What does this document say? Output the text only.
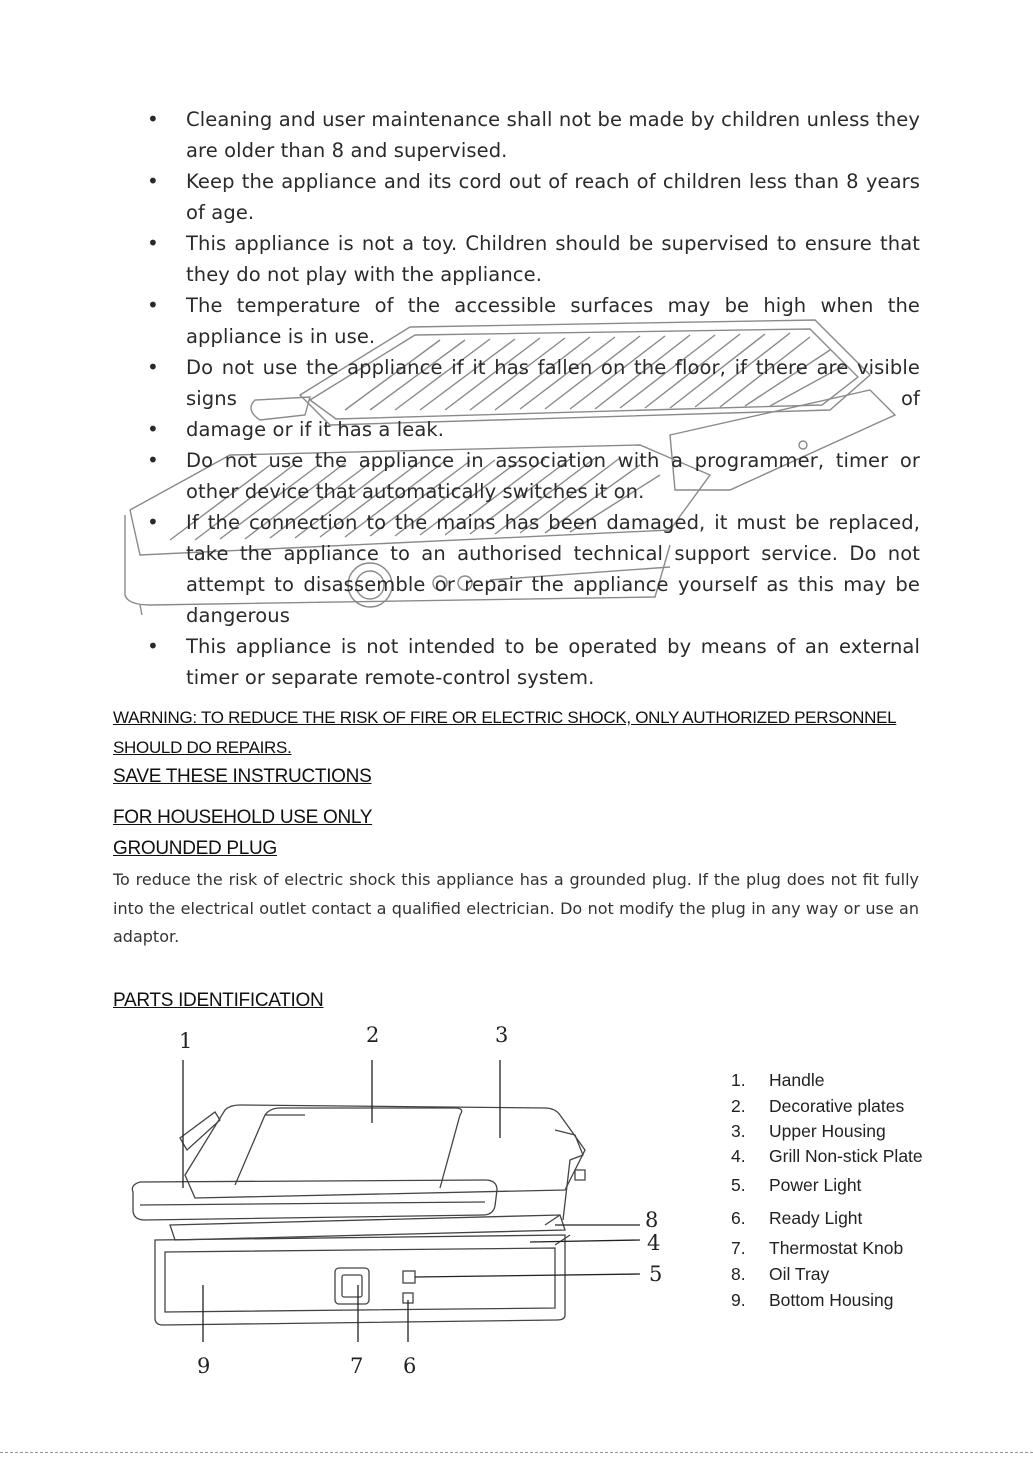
• Cleaning and user maintenance shall not be made by children unless they are older than 8 and supervised.
• Keep the appliance and its cord out of reach of children less than 8 years of age.
• This appliance is not a toy. Children should be supervised to ensure that they do not play with the appliance.
• The temperature of the accessible surfaces may be high when the appliance is in use.
• Do not use the appliance if it has fallen on the floor, if there are visible signs of
• damage or if it has a leak.
• Do not use the appliance in association with a programmer, timer or other device that automatically switches it on.
• If the connection to the mains has been damaged, it must be replaced, take the appliance to an authorised technical support service. Do not attempt to disassemble or repair the appliance yourself as this may be dangerous
• This appliance is not intended to be operated by means of an external timer or separate remote-control system.
WARNING: TO REDUCE THE RISK OF FIRE OR ELECTRIC SHOCK, ONLY AUTHORIZED PERSONNEL SHOULD DO REPAIRS.
SAVE THESE INSTRUCTIONS
FOR HOUSEHOLD USE ONLY
GROUNDED PLUG
To reduce the risk of electric shock this appliance has a grounded plug. If the plug does not fit fully into the electrical outlet contact a qualified electrician. Do not modify the plug in any way or use an adaptor.
PARTS IDENTIFICATION
1	2	3
8
4
5
9	7 6
1. Handle
2. Decorative plates
3. Upper Housing
4. Grill Non-stick Plate
5. Power Light
6. Ready Light
7. Thermostat Knob
8. Oil Tray
9. Bottom Housing
